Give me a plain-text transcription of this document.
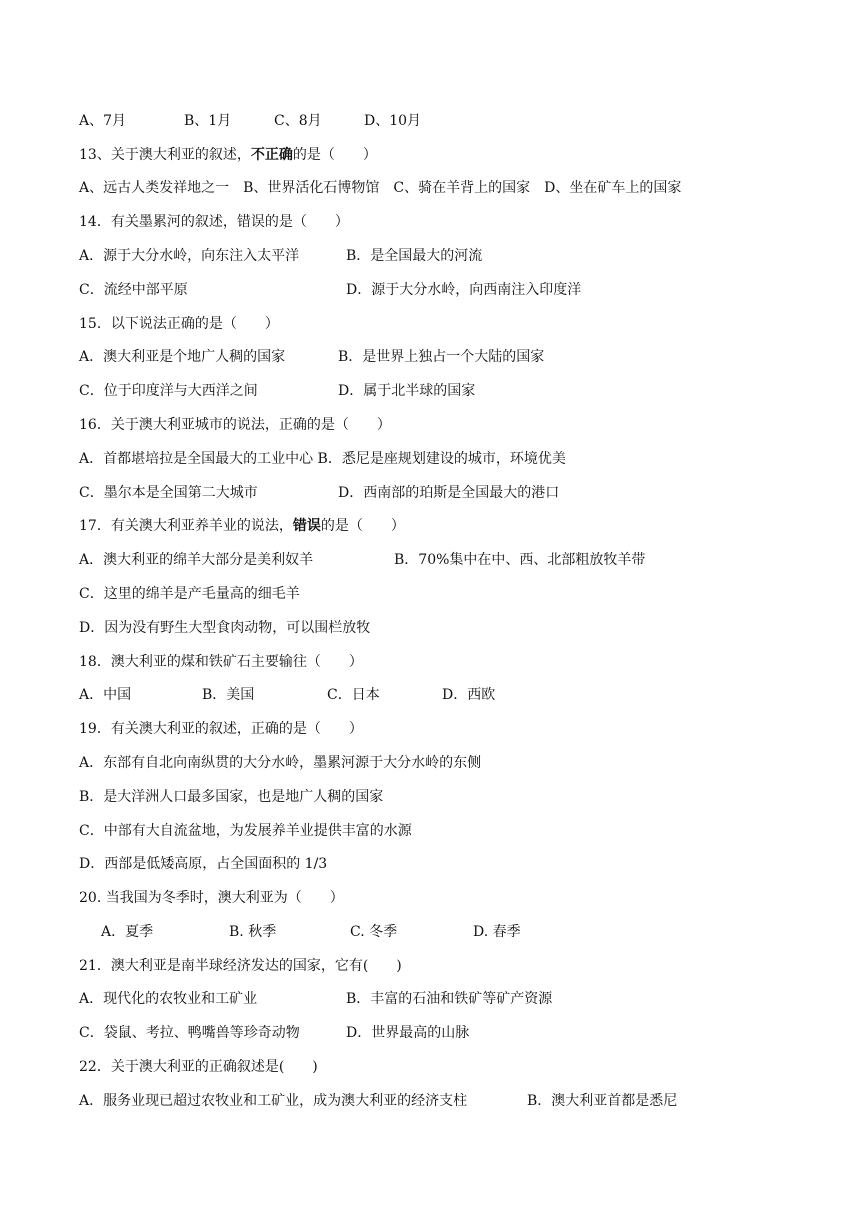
A、7月	B、1月	C、8月	D、10月
13、关于澳大利亚的叙述，不正确的是（　　）
A、远古人类发祥地之一　B、世界活化石博物馆　C、骑在羊背上的国家　D、坐在矿车上的国家
14．有关墨累河的叙述，错误的是（　　）
A．源于大分水岭，向东注入太平洋	B．是全国最大的河流
C．流经中部平原	D．源于大分水岭，向西南注入印度洋
15．以下说法正确的是（　　）
A．澳大利亚是个地广人稠的国家	B．是世界上独占一个大陆的国家
C．位于印度洋与大西洋之间	D．属于北半球的国家
16．关于澳大利亚城市的说法，正确的是（　　）
A．首都堪培拉是全国最大的工业中心 B．悉尼是座规划建设的城市，环境优美
C．墨尔本是全国第二大城市	D．西南部的珀斯是全国最大的港口
17．有关澳大利亚养羊业的说法，错误的是（　　）
A．澳大利亚的绵羊大部分是美利奴羊	B．70%集中在中、西、北部粗放牧羊带
C．这里的绵羊是产毛量高的细毛羊
D．因为没有野生大型食肉动物，可以围栏放牧
18．澳大利亚的煤和铁矿石主要输往（　　）
A．中国	B．美国	C．日本	D．西欧
19．有关澳大利亚的叙述，正确的是（　　）
A．东部有自北向南纵贯的大分水岭，墨累河源于大分水岭的东侧
B．是大洋洲人口最多国家，也是地广人稠的国家
C．中部有大自流盆地，为发展养羊业提供丰富的水源
D．西部是低矮高原，占全国面积的 1/3
20. 当我国为冬季时，澳大利亚为（　　）
A．夏季	B. 秋季	C. 冬季	D. 春季
21．澳大利亚是南半球经济发达的国家，它有(　　)
A．现代化的农牧业和工矿业	B．丰富的石油和铁矿等矿产资源
C．袋鼠、考拉、鸭嘴兽等珍奇动物	D．世界最高的山脉
22．关于澳大利亚的正确叙述是(　　)
A．服务业现已超过农牧业和工矿业，成为澳大利亚的经济支柱	B．澳大利亚首都是悉尼
